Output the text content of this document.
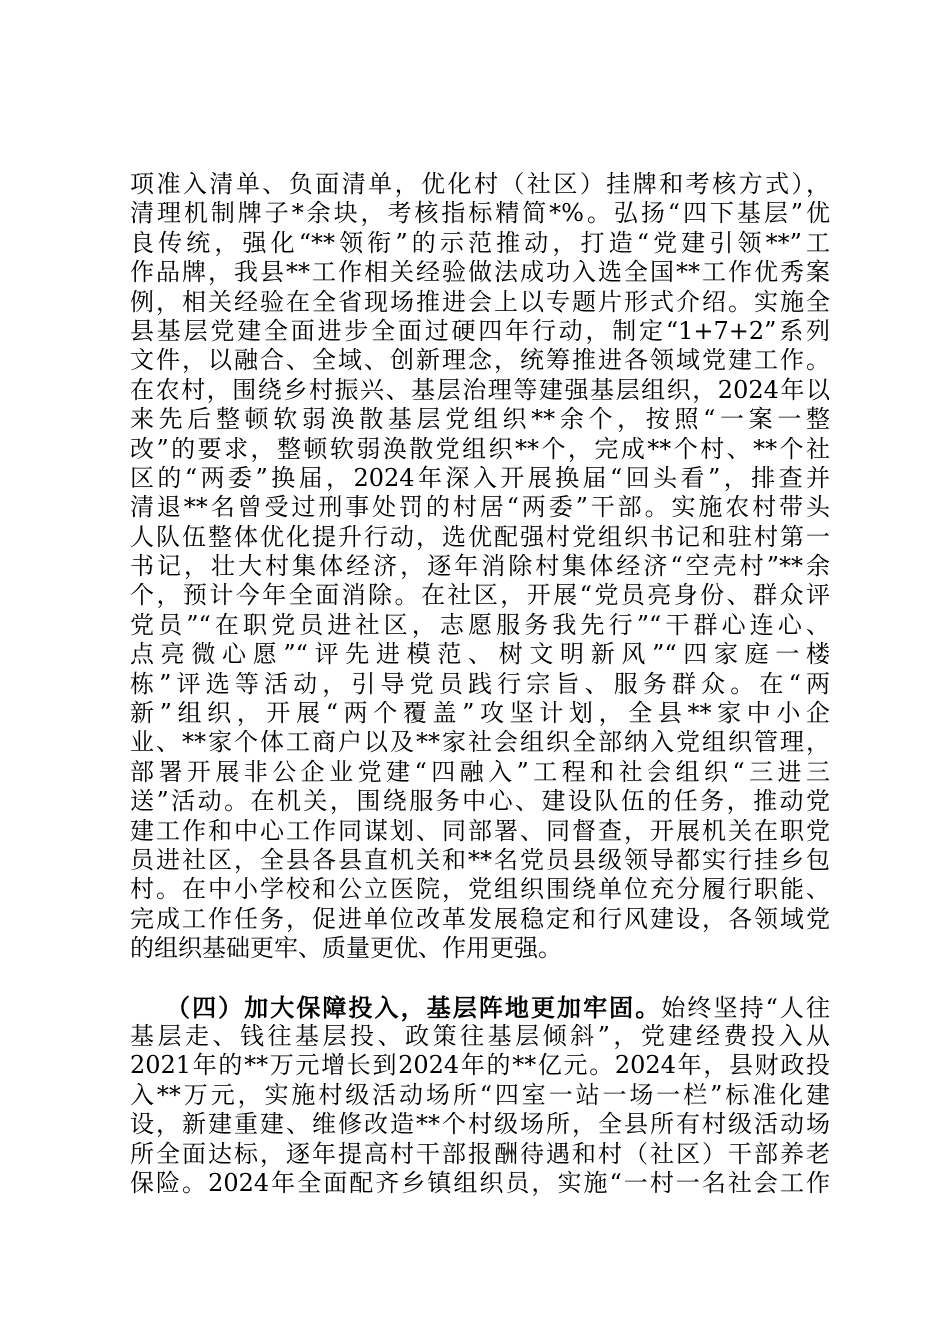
项准入清单、负面清单，优化村（社区）挂牌和考核方式），
清理机制牌子*余块，考核指标精简*%。弘扬“四下基层”优
良传统，强化“**领衔”的示范推动，打造“党建引领**”工
作品牌，我县**工作相关经验做法成功入选全国**工作优秀案
例，相关经验在全省现场推进会上以专题片形式介绍。实施全
县基层党建全面进步全面过硬四年行动，制定“1+7+2”系列
文件，以融合、全域、创新理念，统筹推进各领域党建工作。
在农村，围绕乡村振兴、基层治理等建强基层组织，2024年以
来先后整顿软弱涣散基层党组织**余个，按照“一案一整
改”的要求，整顿软弱涣散党组织**个，完成**个村、**个社
区的“两委”换届，2024年深入开展换届“回头看”，排查并
清退**名曾受过刑事处罚的村居“两委”干部。实施农村带头
人队伍整体优化提升行动，选优配强村党组织书记和驻村第一
书记，壮大村集体经济，逐年消除村集体经济“空壳村”**余
个，预计今年全面消除。在社区，开展“党员亮身份、群众评
党员”“在职党员进社区，志愿服务我先行”“干群心连心、
点亮微心愿”“评先进模范、树文明新风”“四家庭一楼
栋”评选等活动，引导党员践行宗旨、服务群众。在“两
新”组织，开展“两个覆盖”攻坚计划，全县**家中小企
业、**家个体工商户以及**家社会组织全部纳入党组织管理，
部署开展非公企业党建“四融入”工程和社会组织“三进三
送”活动。在机关，围绕服务中心、建设队伍的任务，推动党
建工作和中心工作同谋划、同部署、同督查，开展机关在职党
员进社区，全县各县直机关和**名党员县级领导都实行挂乡包
村。在中小学校和公立医院，党组织围绕单位充分履行职能、
完成工作任务，促进单位改革发展稳定和行风建设，各领域党
的组织基础更牢、质量更优、作用更强。
（四）加大保障投入，基层阵地更加牢固。始终坚持“人往
基层走、钱往基层投、政策往基层倾斜”，党建经费投入从
2021年的**万元增长到2024年的**亿元。2024年，县财政投
入**万元，实施村级活动场所“四室一站一场一栏”标准化建
设，新建重建、维修改造**个村级场所，全县所有村级活动场
所全面达标，逐年提高村干部报酬待遇和村（社区）干部养老
保险。2024年全面配齐乡镇组织员，实施“一村一名社会工作
